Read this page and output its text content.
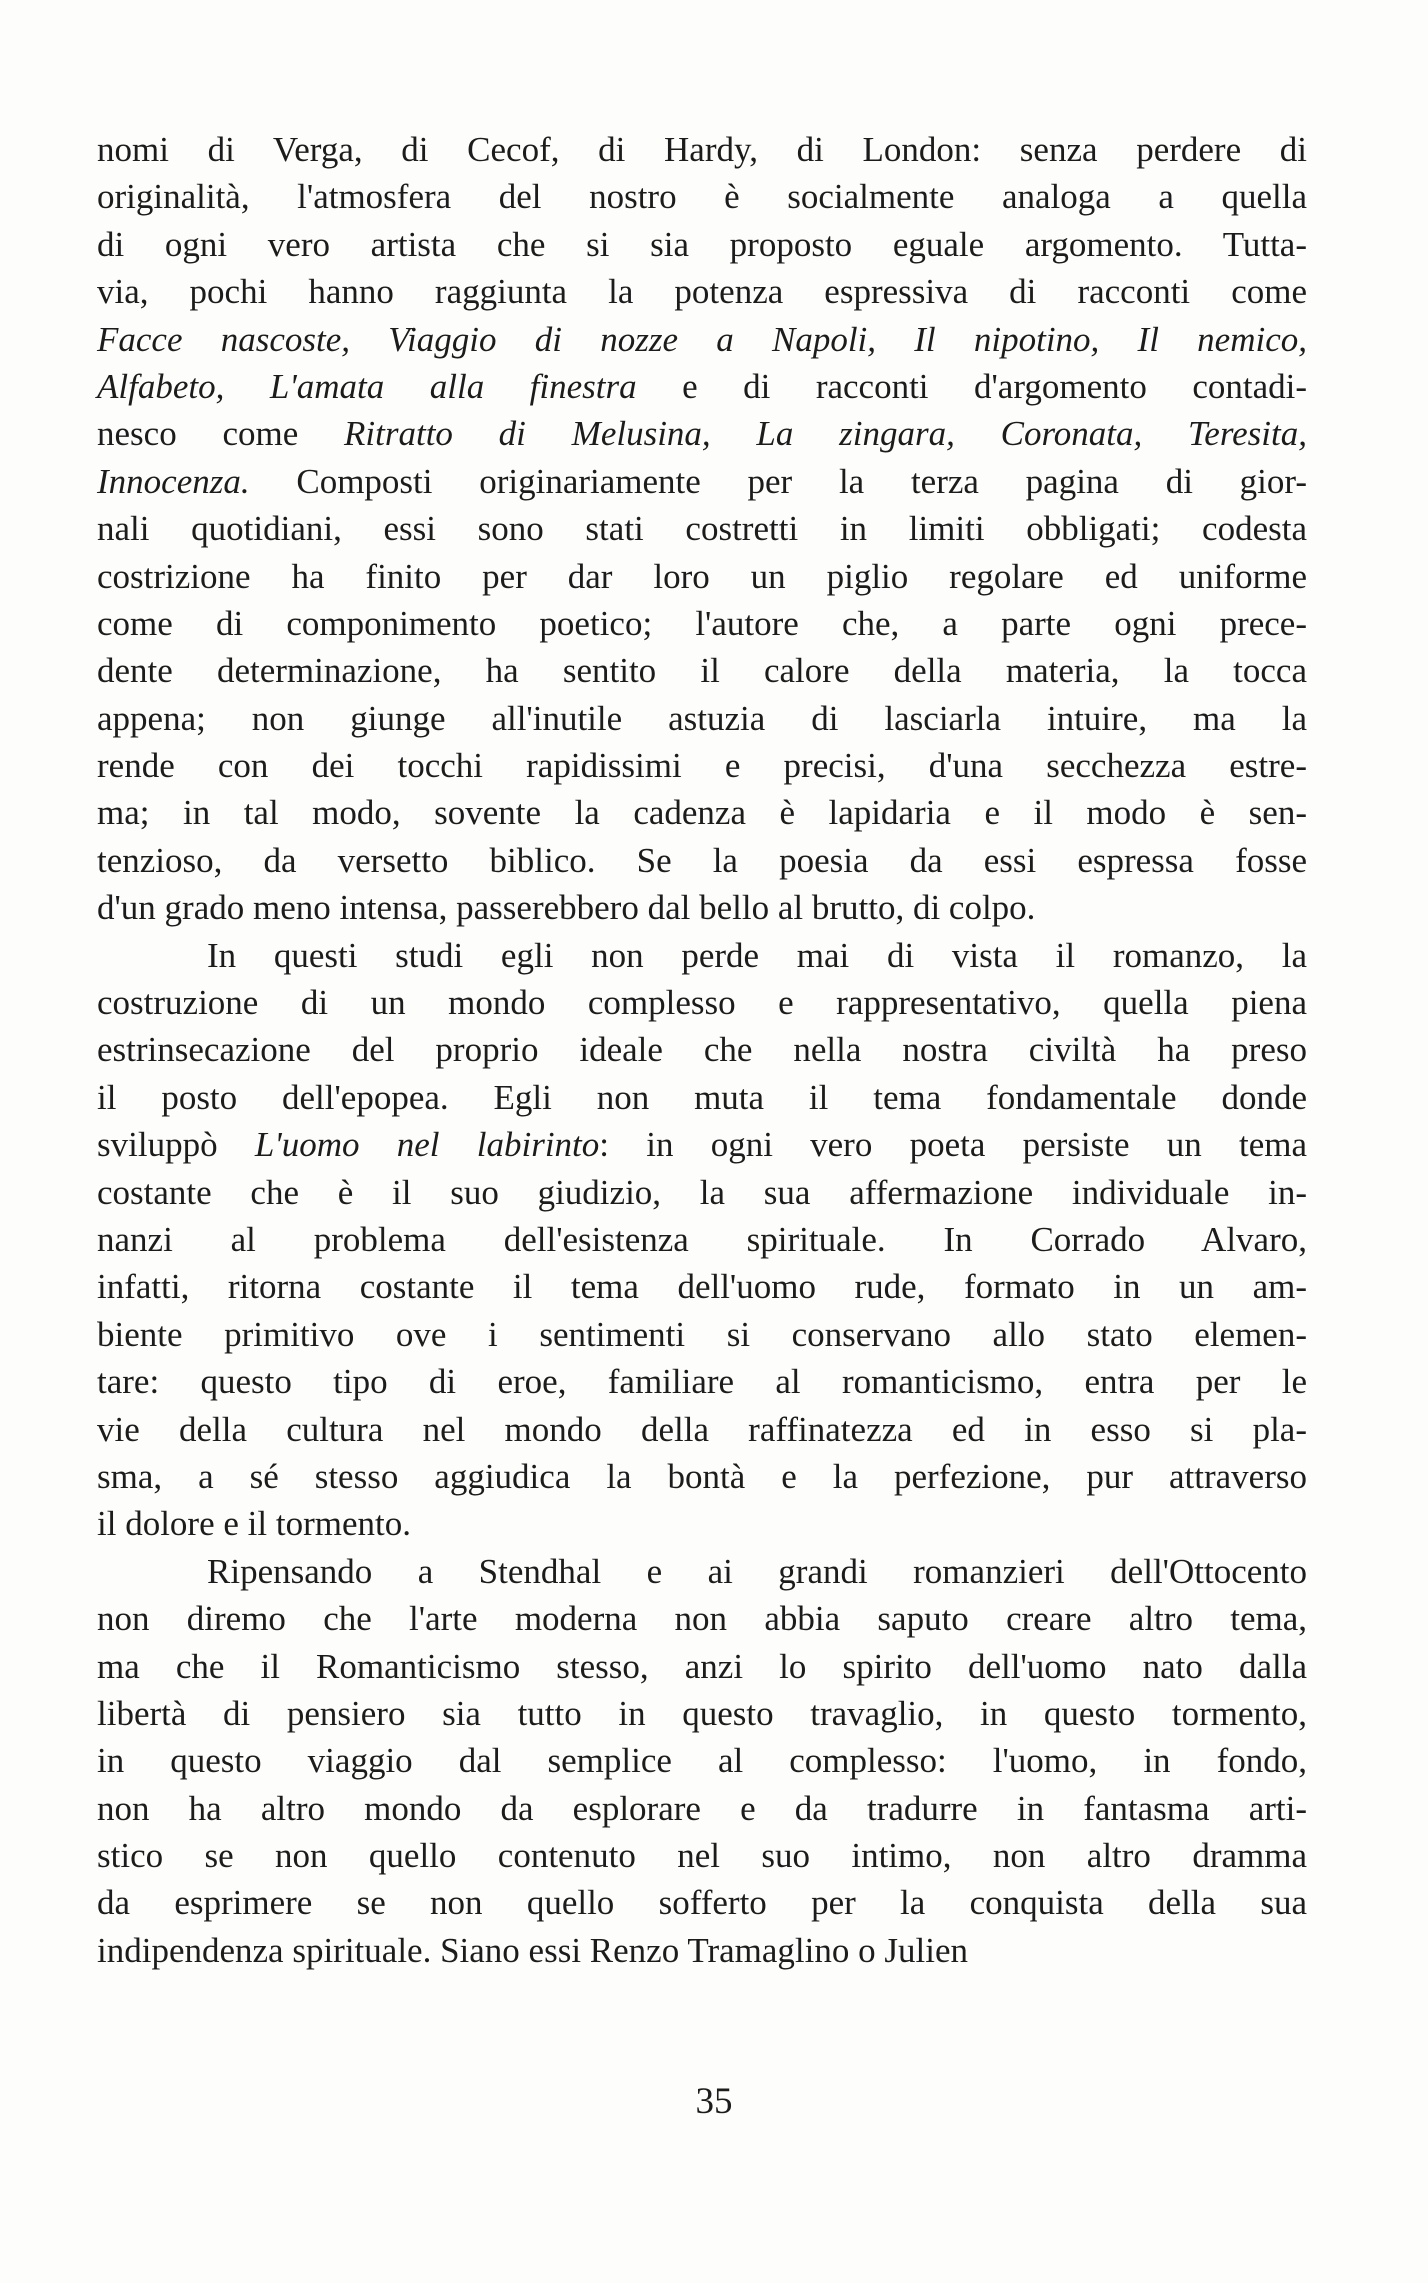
nomi di Verga, di Cecof, di Hardy, di London: senza perdere di
originalità, l'atmosfera del nostro è socialmente analoga a quella
di ogni vero artista che si sia proposto eguale argomento. Tutta-
via, pochi hanno raggiunta la potenza espressiva di racconti come
Facce nascoste, Viaggio di nozze a Napoli, Il nipotino, Il nemico,
Alfabeto, L'amata alla finestra e di racconti d'argomento contadi-
nesco come Ritratto di Melusina, La zingara, Coronata, Teresita,
Innocenza. Composti originariamente per la terza pagina di gior-
nali quotidiani, essi sono stati costretti in limiti obbligati; codesta
costrizione ha finito per dar loro un piglio regolare ed uniforme
come di componimento poetico; l'autore che, a parte ogni prece-
dente determinazione, ha sentito il calore della materia, la tocca
appena; non giunge all'inutile astuzia di lasciarla intuire, ma la
rende con dei tocchi rapidissimi e precisi, d'una secchezza estre-
ma; in tal modo, sovente la cadenza è lapidaria e il modo è sen-
tenzioso, da versetto biblico. Se la poesia da essi espressa fosse
d'un grado meno intensa, passerebbero dal bello al brutto, di colpo.
In questi studi egli non perde mai di vista il romanzo, la
costruzione di un mondo complesso e rappresentativo, quella piena
estrinsecazione del proprio ideale che nella nostra civiltà ha preso
il posto dell'epopea. Egli non muta il tema fondamentale donde
sviluppò L'uomo nel labirinto: in ogni vero poeta persiste un tema
costante che è il suo giudizio, la sua affermazione individuale in-
nanzi al problema dell'esistenza spirituale. In Corrado Alvaro,
infatti, ritorna costante il tema dell'uomo rude, formato in un am-
biente primitivo ove i sentimenti si conservano allo stato elemen-
tare: questo tipo di eroe, familiare al romanticismo, entra per le
vie della cultura nel mondo della raffinatezza ed in esso si pla-
sma, a sé stesso aggiudica la bontà e la perfezione, pur attraverso
il dolore e il tormento.
Ripensando a Stendhal e ai grandi romanzieri dell'Ottocento
non diremo che l'arte moderna non abbia saputo creare altro tema,
ma che il Romanticismo stesso, anzi lo spirito dell'uomo nato dalla
libertà di pensiero sia tutto in questo travaglio, in questo tormento,
in questo viaggio dal semplice al complesso: l'uomo, in fondo,
non ha altro mondo da esplorare e da tradurre in fantasma arti-
stico se non quello contenuto nel suo intimo, non altro dramma
da esprimere se non quello sofferto per la conquista della sua
indipendenza spirituale. Siano essi Renzo Tramaglino o Julien
35
